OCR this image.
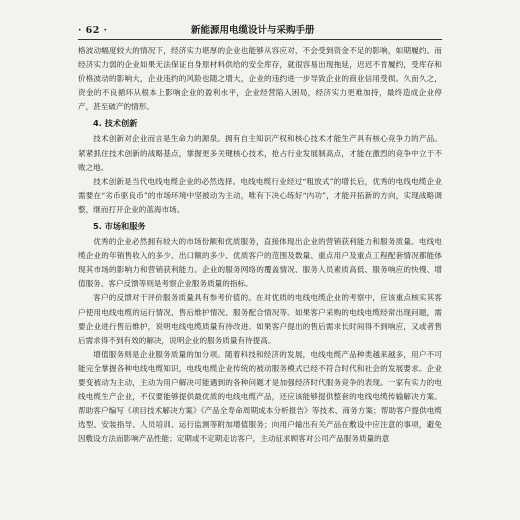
· 62 ·	新能源用电缆设计与采购手册

格波动幅度较大的情况下，经济实力堪厚的企业也能够从容应对，不会受到资金不足的影响，如期履约。而经济实力弱的企业如果无法保证自身原材料供给的安全库存，就很容易出现拖延，迟迟不肯履约，受库存和价格波动的影响大，企业违约的风险也随之增大，企业的违约进一步导致企业的商业信用受损。久而久之，资金的不良循环从根本上影响企业的盈利水平，企业经营陷入困局，经济实力更难加持，最终造成企业停产，甚至破产的情形。

4. 技术创新

技术创新对企业而言是生命力的源泉。拥有自主知识产权和核心技术才能生产具有核心竞争力的产品。紧紧抓住技术创新的战略基点，掌握更多关键核心技术，抢占行业发展制高点，才能在激烈的竞争中立于不败之地。

技术创新是当代电线电缆企业的必然选择。电线电缆行业经过“粗放式”的增长后，优秀的电线电缆企业需要在“劣币驱良币”的市场环境中坚被动为主动，唯有下决心练好“内功”，才能开拓新的方向，实现战略调整，继而打开企业的蓝海市场。

5. 市场和服务

优秀的企业必然拥有较大的市场份额和优质服务，直接体现出企业的营销获利能力和服务质量。电线电缆企业的年销售收入的多少、出口额的多少、优质客户的范围及数量、重点用户及重点工程配套情况都能体现其市场的影响力和营销获利能力。企业的服务网络的覆盖情况、服务人员素质高低、服务响应的快慢、增值服务、客户反馈等则是考察企业服务质量的指标。

客户的反馈对于评价服务质量具有参考价值的。在对优质的电线电缆企业的考察中，应该重点核实其客户使用电线电缆的运行情况、售后维护情况、服务配合情况等。如果客户采购的电线电缆经常出现问题，需要企业进行售后维护，说明电线电缆质量有待改进。如果客户提出的售后需求长时间得不到响应，又或者售后需求得不到有效的解决，说明企业的服务质量有待提高。

增值服务则是企业服务质量的加分项。随着科技和经济的发展，电线电缆产品种类越来越多，用户不可能完全掌握各种电线电缆知识，电线电缆企业传统的被动服务模式已经不符合时代和社会的发展要求。企业要变被动为主动，主动为用户解决可能遇到的各种问题才是加强经济时代服务竞争的表现。一家有实力的电线电缆生产企业，不仅要能够提供最优质的电线电缆产品，还应该能够提供整套的电线电缆传输解决方案。帮助客户编写《项目技术解决方案》《产品全寿命周期成本分析报告》等技术、商务方案；帮助客户提供电缆选型、安装指导、人员培训、运行监测等附加增值服务；向用户输出有关产品在敷设中应注意的事项，避免因敷设方法而影响产品性能；定期或不定期走访客户，主动征求顾客对公司产品服务质量的意
